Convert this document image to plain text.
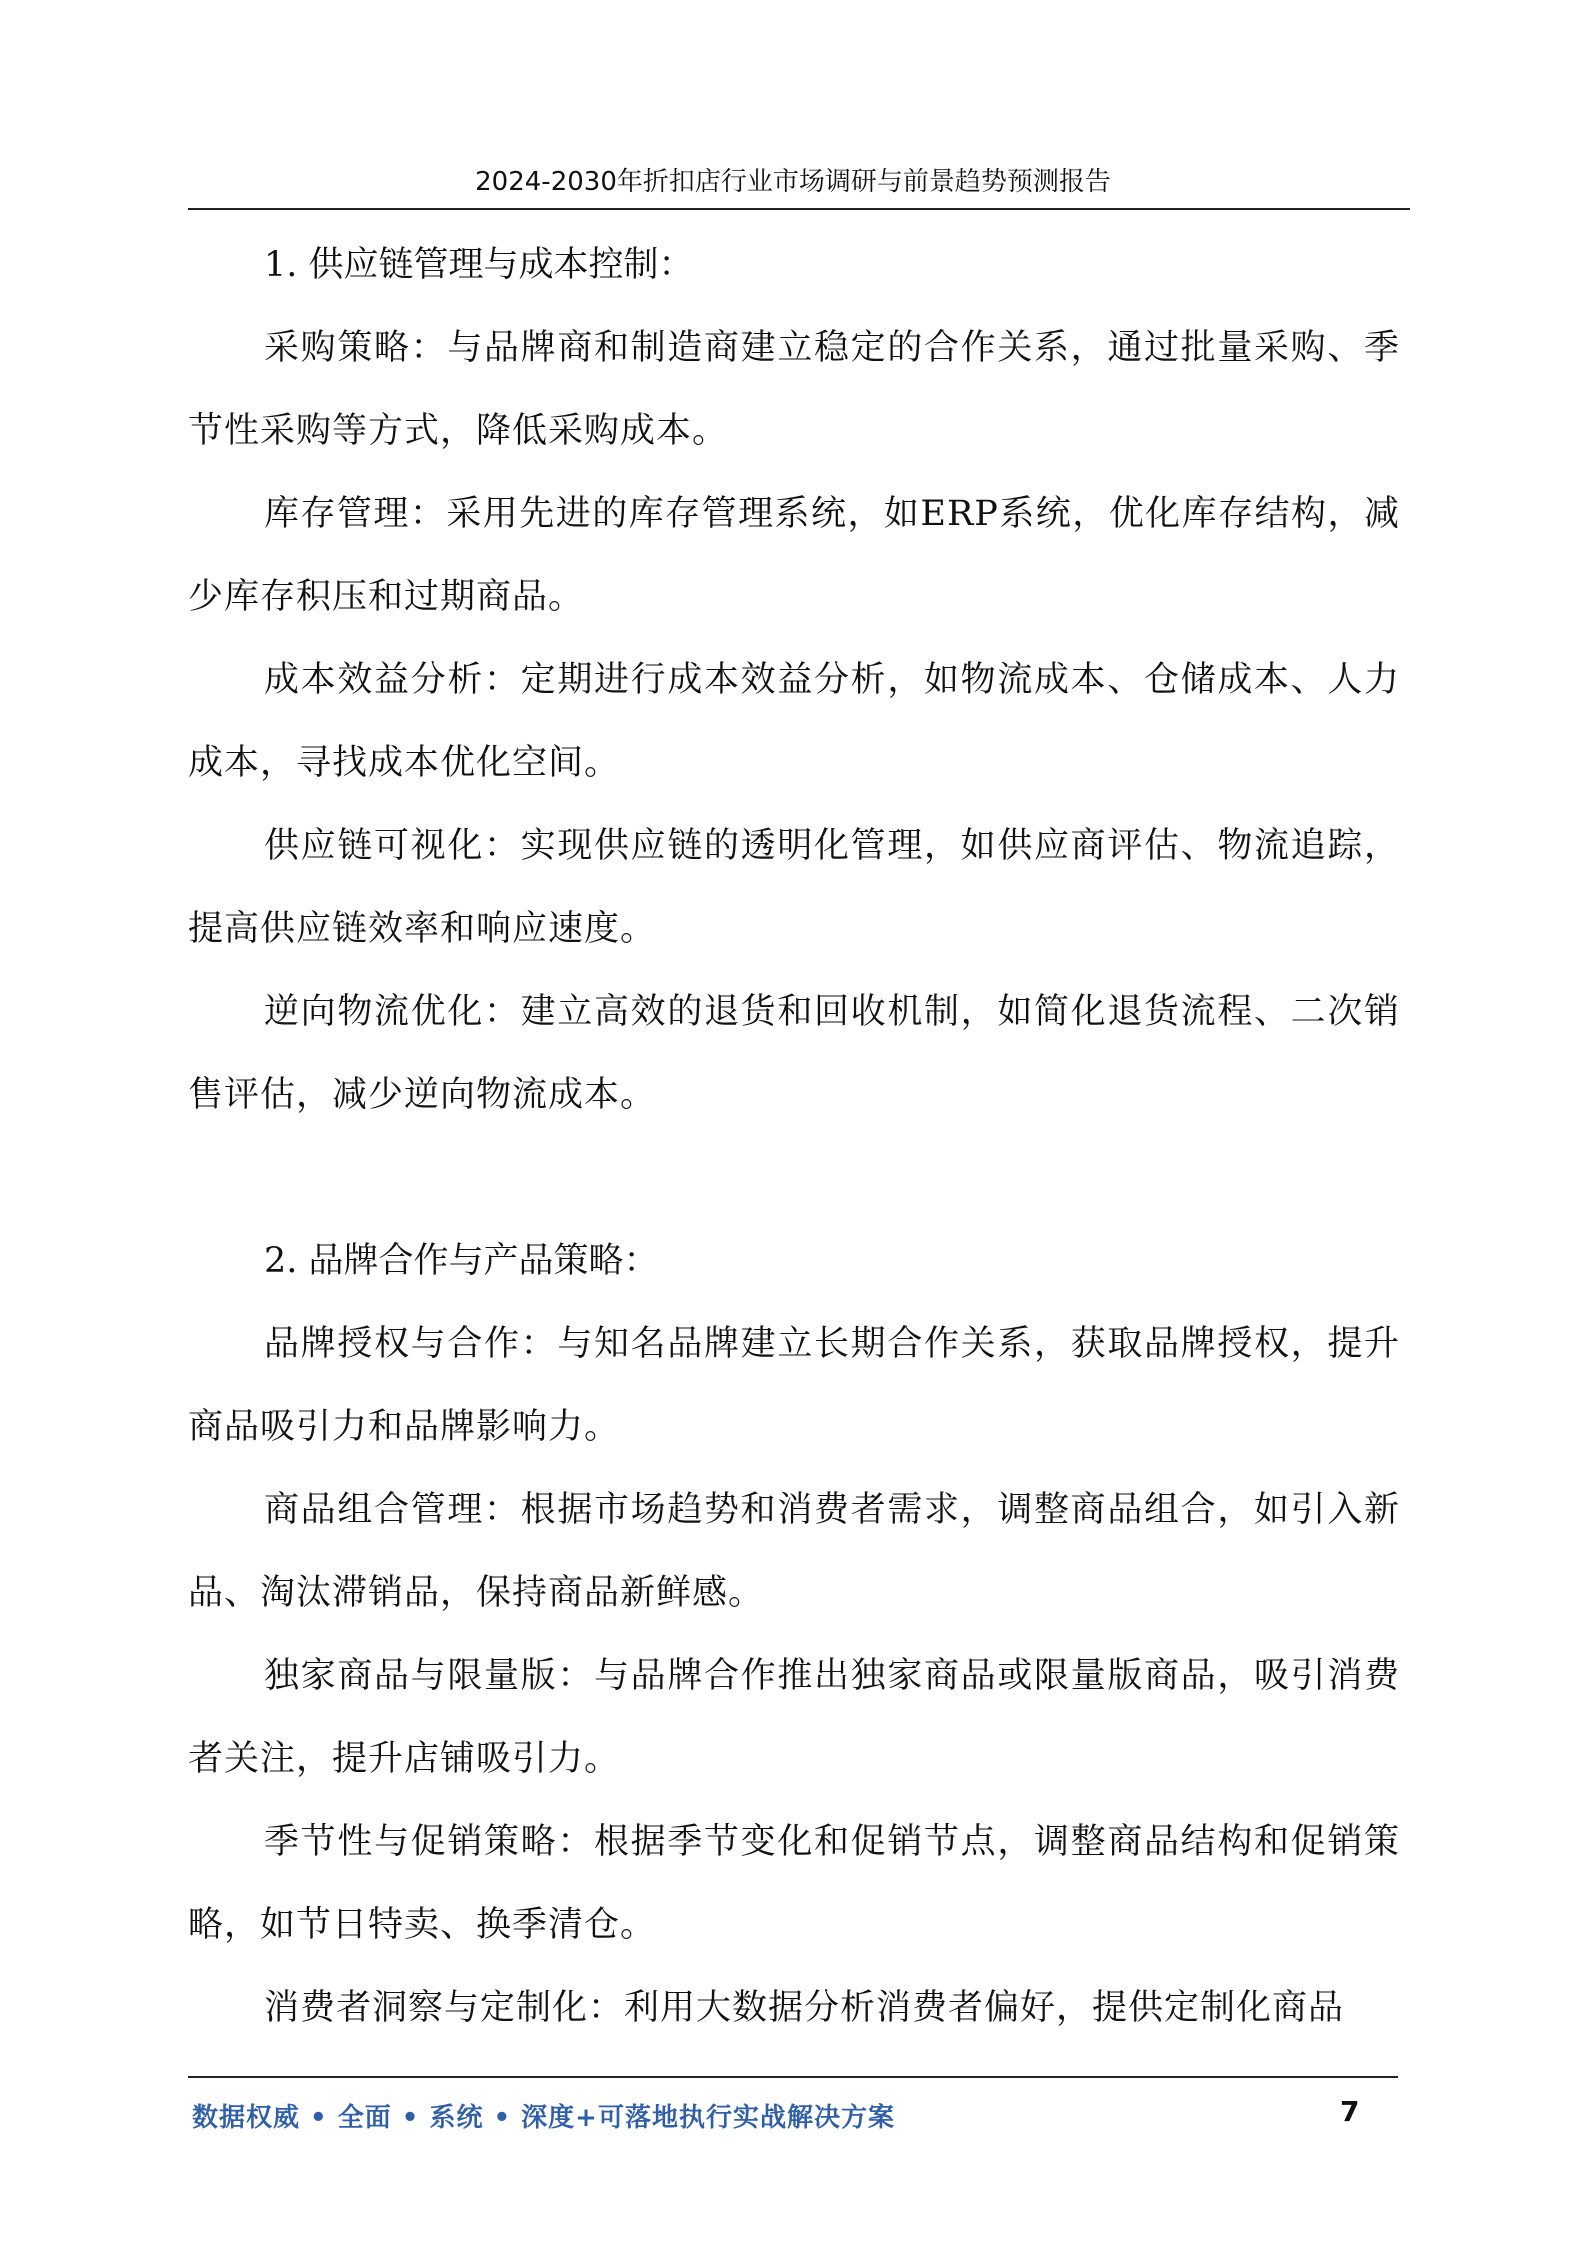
2024-2030年折扣店行业市场调研与前景趋势预测报告

1. 供应链管理与成本控制：

采购策略：与品牌商和制造商建立稳定的合作关系，通过批量采购、季节性采购等方式，降低采购成本。

库存管理：采用先进的库存管理系统，如ERP系统，优化库存结构，减少库存积压和过期商品。

成本效益分析：定期进行成本效益分析，如物流成本、仓储成本、人力成本，寻找成本优化空间。

供应链可视化：实现供应链的透明化管理，如供应商评估、物流追踪，提高供应链效率和响应速度。

逆向物流优化：建立高效的退货和回收机制，如简化退货流程、二次销售评估，减少逆向物流成本。

2. 品牌合作与产品策略：

品牌授权与合作：与知名品牌建立长期合作关系，获取品牌授权，提升商品吸引力和品牌影响力。

商品组合管理：根据市场趋势和消费者需求，调整商品组合，如引入新品、淘汰滞销品，保持商品新鲜感。

独家商品与限量版：与品牌合作推出独家商品或限量版商品，吸引消费者关注，提升店铺吸引力。

季节性与促销策略：根据季节变化和促销节点，调整商品结构和促销策略，如节日特卖、换季清仓。

消费者洞察与定制化：利用大数据分析消费者偏好，提供定制化商品

数据权威 • 全面 • 系统 • 深度+可落地执行实战解决方案	7
